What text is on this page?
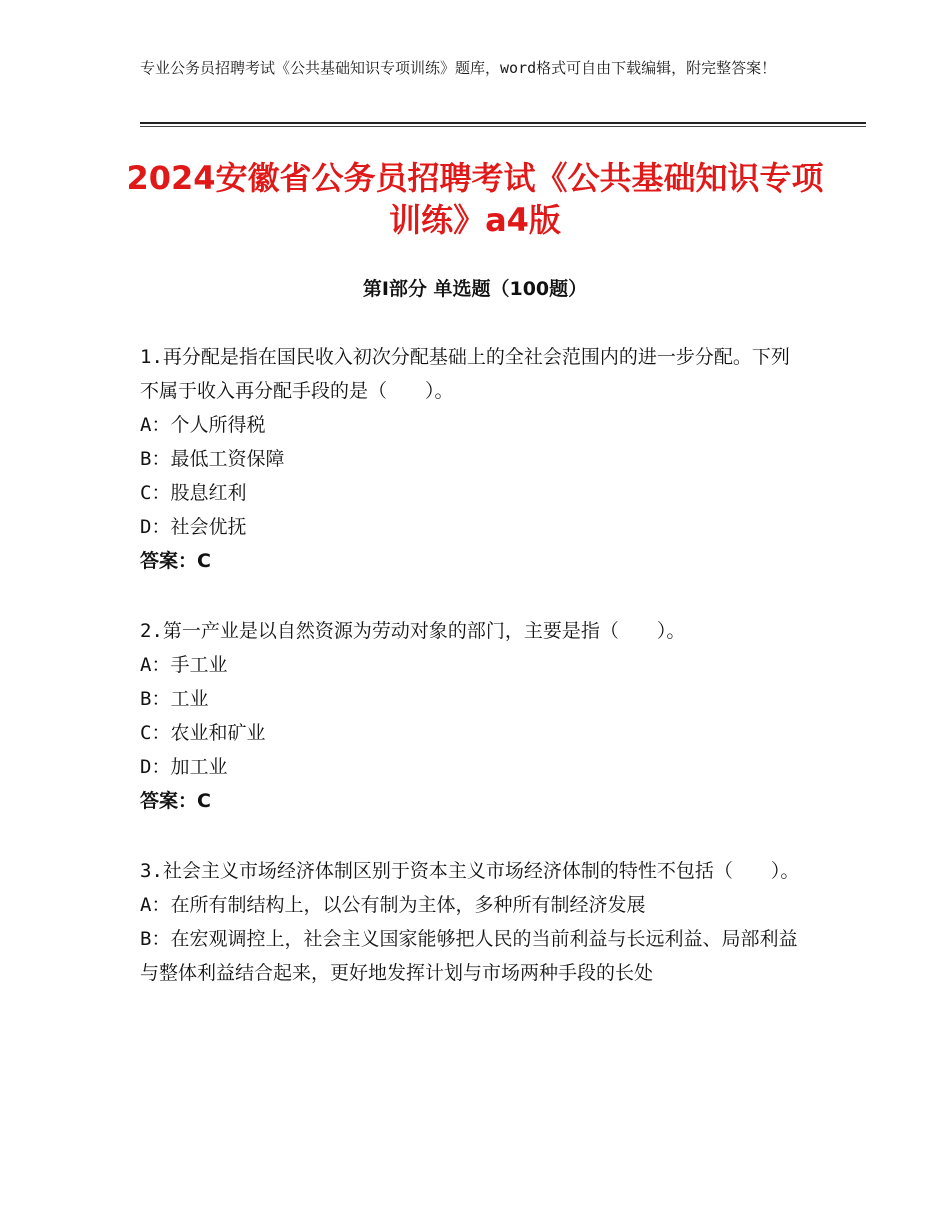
专业公务员招聘考试《公共基础知识专项训练》题库，word格式可自由下载编辑，附完整答案！
2024安徽省公务员招聘考试《公共基础知识专项训练》a4版
第Ⅰ部分 单选题（100题）

1.再分配是指在国民收入初次分配基础上的全社会范围内的进一步分配。下列不属于收入再分配手段的是（　　）。

A：个人所得税

B：最低工资保障

C：股息红利

D：社会优抚

答案：C

2.第一产业是以自然资源为劳动对象的部门，主要是指（　　）。

A：手工业

B：工业

C：农业和矿业

D：加工业

答案：C

3.社会主义市场经济体制区别于资本主义市场经济体制的特性不包括（　　）。

A：在所有制结构上，以公有制为主体，多种所有制经济发展

B：在宏观调控上，社会主义国家能够把人民的当前利益与长远利益、局部利益与整体利益结合起来，更好地发挥计划与市场两种手段的长处
